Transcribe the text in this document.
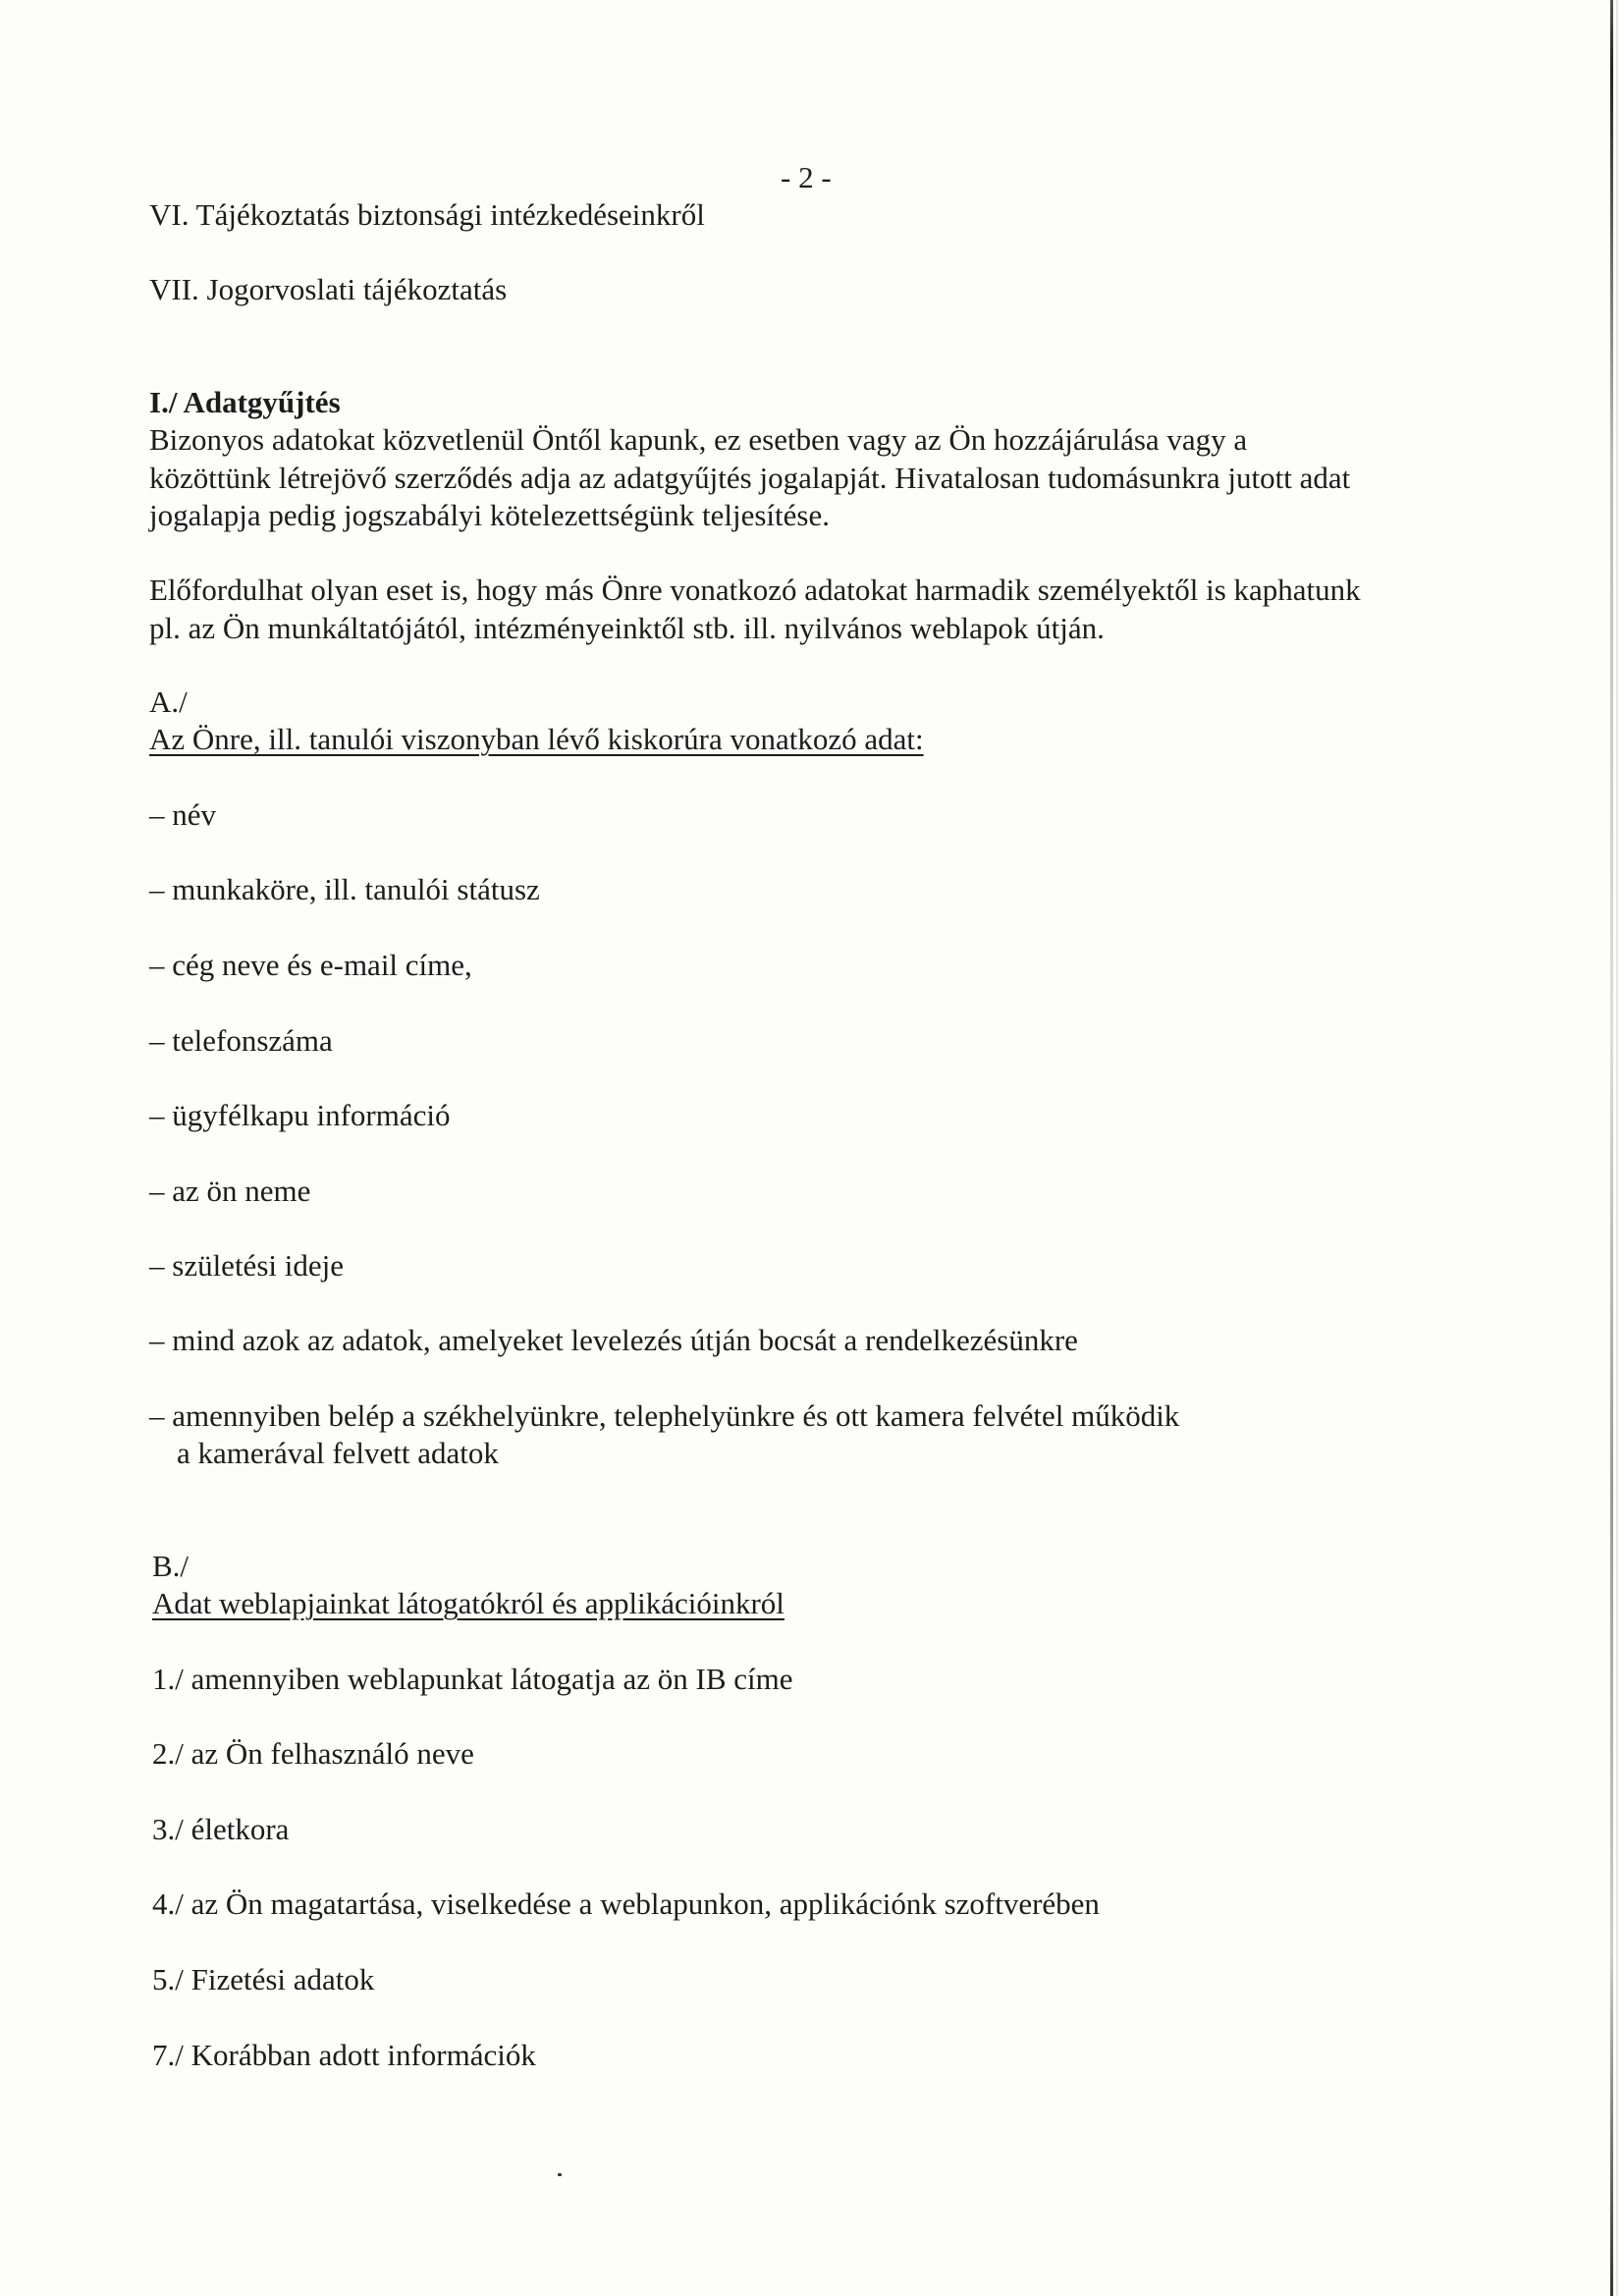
- 2 -
VI. Tájékoztatás biztonsági intézkedéseinkről
VII. Jogorvoslati tájékoztatás
I./ Adatgyűjtés
Bizonyos adatokat közvetlenül Öntől kapunk, ez esetben vagy az Ön hozzájárulása vagy a
közöttünk létrejövő szerződés adja az adatgyűjtés jogalapját. Hivatalosan tudomásunkra jutott adat
jogalapja pedig jogszabályi kötelezettségünk teljesítése.
Előfordulhat olyan eset is, hogy más Önre vonatkozó adatokat harmadik személyektől is kaphatunk
pl. az Ön munkáltatójától, intézményeinktől stb. ill. nyilvános weblapok útján.
A./
Az Önre, ill. tanulói viszonyban lévő kiskorúra vonatkozó adat:
– név
– munkaköre, ill. tanulói státusz
– cég neve és e-mail címe,
– telefonszáma
– ügyfélkapu információ
– az ön neme
– születési ideje
– mind azok az adatok, amelyeket levelezés útján bocsát a rendelkezésünkre
– amennyiben belép a székhelyünkre, telephelyünkre és ott kamera felvétel működik
a kamerával felvett adatok
B./
Adat weblapjainkat látogatókról és applikációinkról
1./ amennyiben weblapunkat látogatja az ön IB címe
2./ az Ön felhasználó neve
3./ életkora
4./ az Ön magatartása, viselkedése a weblapunkon, applikációnk szoftverében
5./ Fizetési adatok
7./ Korábban adott információk
